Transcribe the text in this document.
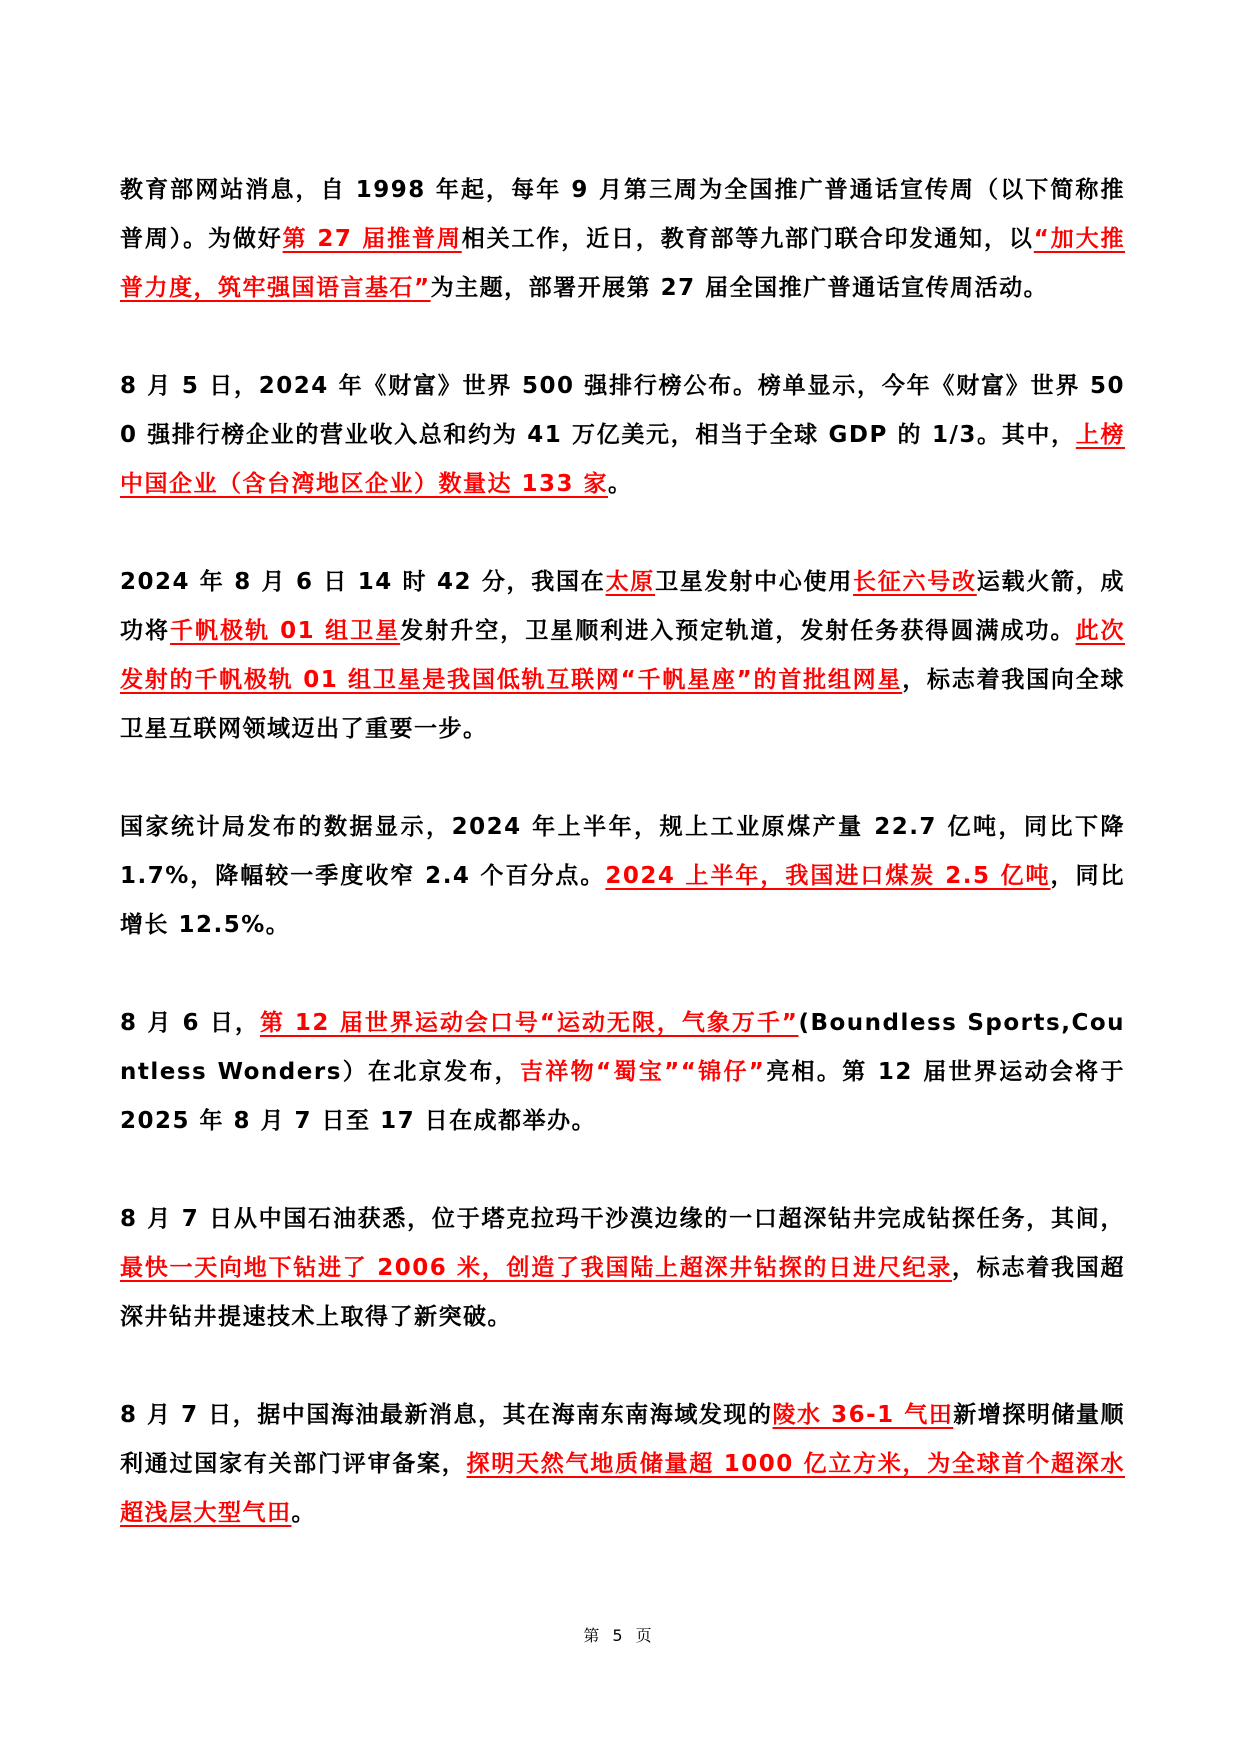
教育部网站消息，自 1998 年起，每年 9 月第三周为全国推广普通话宣传周（以下简称推普周）。为做好第 27 届推普周相关工作，近日，教育部等九部门联合印发通知，以“加大推普力度，筑牢强国语言基石”为主题，部署开展第 27 届全国推广普通话宣传周活动。

8 月 5 日，2024 年《财富》世界 500 强排行榜公布。榜单显示，今年《财富》世界 500 强排行榜企业的营业收入总和约为 41 万亿美元，相当于全球 GDP 的 1/3。其中，上榜中国企业（含台湾地区企业）数量达 133 家。

2024 年 8 月 6 日 14 时 42 分，我国在太原卫星发射中心使用长征六号改运载火箭，成功将千帆极轨 01 组卫星发射升空，卫星顺利进入预定轨道，发射任务获得圆满成功。此次发射的千帆极轨 01 组卫星是我国低轨互联网“千帆星座”的首批组网星，标志着我国向全球卫星互联网领域迈出了重要一步。

国家统计局发布的数据显示，2024 年上半年，规上工业原煤产量 22.7 亿吨，同比下降 1.7%，降幅较一季度收窄 2.4 个百分点。2024 上半年，我国进口煤炭 2.5 亿吨，同比增长 12.5%。

8 月 6 日，第 12 届世界运动会口号“运动无限，气象万千”(Boundless Sports,Countless Wonders）在北京发布，吉祥物“蜀宝”“锦仔”亮相。第 12 届世界运动会将于 2025 年 8 月 7 日至 17 日在成都举办。

8 月 7 日从中国石油获悉，位于塔克拉玛干沙漠边缘的一口超深钻井完成钻探任务，其间，最快一天向地下钻进了 2006 米，创造了我国陆上超深井钻探的日进尺纪录，标志着我国超深井钻井提速技术上取得了新突破。

8 月 7 日，据中国海油最新消息，其在海南东南海域发现的陵水 36-1 气田新增探明储量顺利通过国家有关部门评审备案，探明天然气地质储量超 1000 亿立方米，为全球首个超深水超浅层大型气田。

第 5 页
